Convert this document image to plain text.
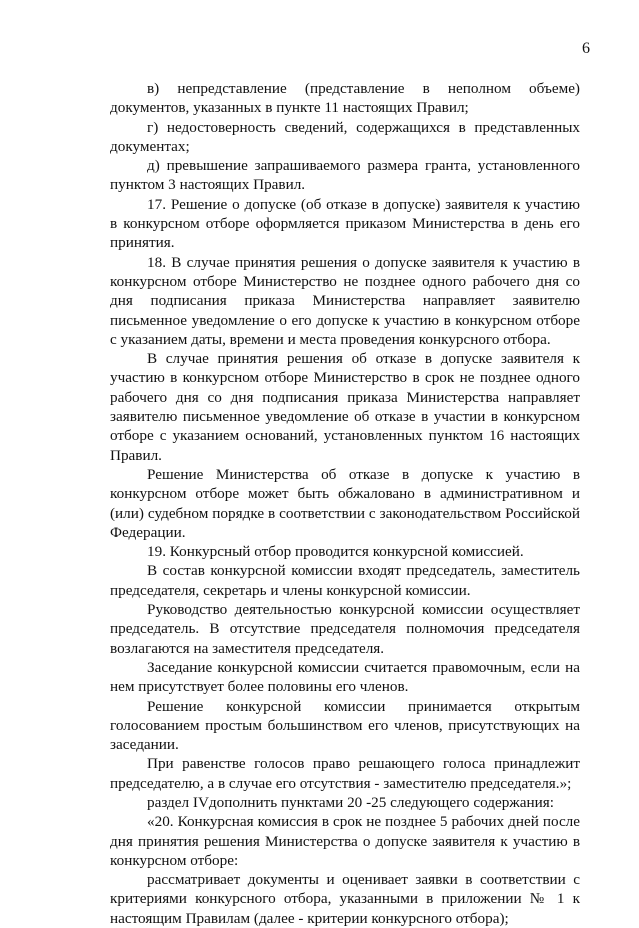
6

в) непредставление (представление в неполном объеме) документов, указанных в пункте 11 настоящих Правил;

г) недостоверность сведений, содержащихся в представленных документах;

д) превышение запрашиваемого размера гранта, установленного пунктом 3 настоящих Правил.

17. Решение о допуске (об отказе в допуске) заявителя к участию в конкурсном отборе оформляется приказом Министерства в день его принятия.

18. В случае принятия решения о допуске заявителя к участию в конкурсном отборе Министерство не позднее одного рабочего дня со дня подписания приказа Министерства направляет заявителю письменное уведомление о его допуске к участию в конкурсном отборе с указанием даты, времени и места проведения конкурсного отбора.

В случае принятия решения об отказе в допуске заявителя к участию в конкурсном отборе Министерство в срок не позднее одного рабочего дня со дня подписания приказа Министерства направляет заявителю письменное уведомление об отказе в участии в конкурсном отборе с указанием оснований, установленных пунктом 16 настоящих Правил.

Решение Министерства об отказе в допуске к участию в конкурсном отборе может быть обжаловано в административном и (или) судебном порядке в соответствии с законодательством Российской Федерации.

19. Конкурсный отбор проводится конкурсной комиссией.

В состав конкурсной комиссии входят председатель, заместитель председателя, секретарь и члены конкурсной комиссии.

Руководство деятельностью конкурсной комиссии осуществляет председатель. В отсутствие председателя полномочия председателя возлагаются на заместителя председателя.

Заседание конкурсной комиссии считается правомочным, если на нем присутствует более половины его членов.

Решение конкурсной комиссии принимается открытым голосованием простым большинством его членов, присутствующих на заседании.

При равенстве голосов право решающего голоса принадлежит председателю, а в случае его отсутствия - заместителю председателя.»;

раздел IVдополнить пунктами 20 -25 следующего содержания:

«20. Конкурсная комиссия в срок не позднее 5 рабочих дней после дня принятия решения Министерства о допуске заявителя к участию в конкурсном отборе:

рассматривает документы и оценивает заявки в соответствии с критериями конкурсного отбора, указанными в приложении № 1 к настоящим Правилам (далее - критерии конкурсного отбора);
